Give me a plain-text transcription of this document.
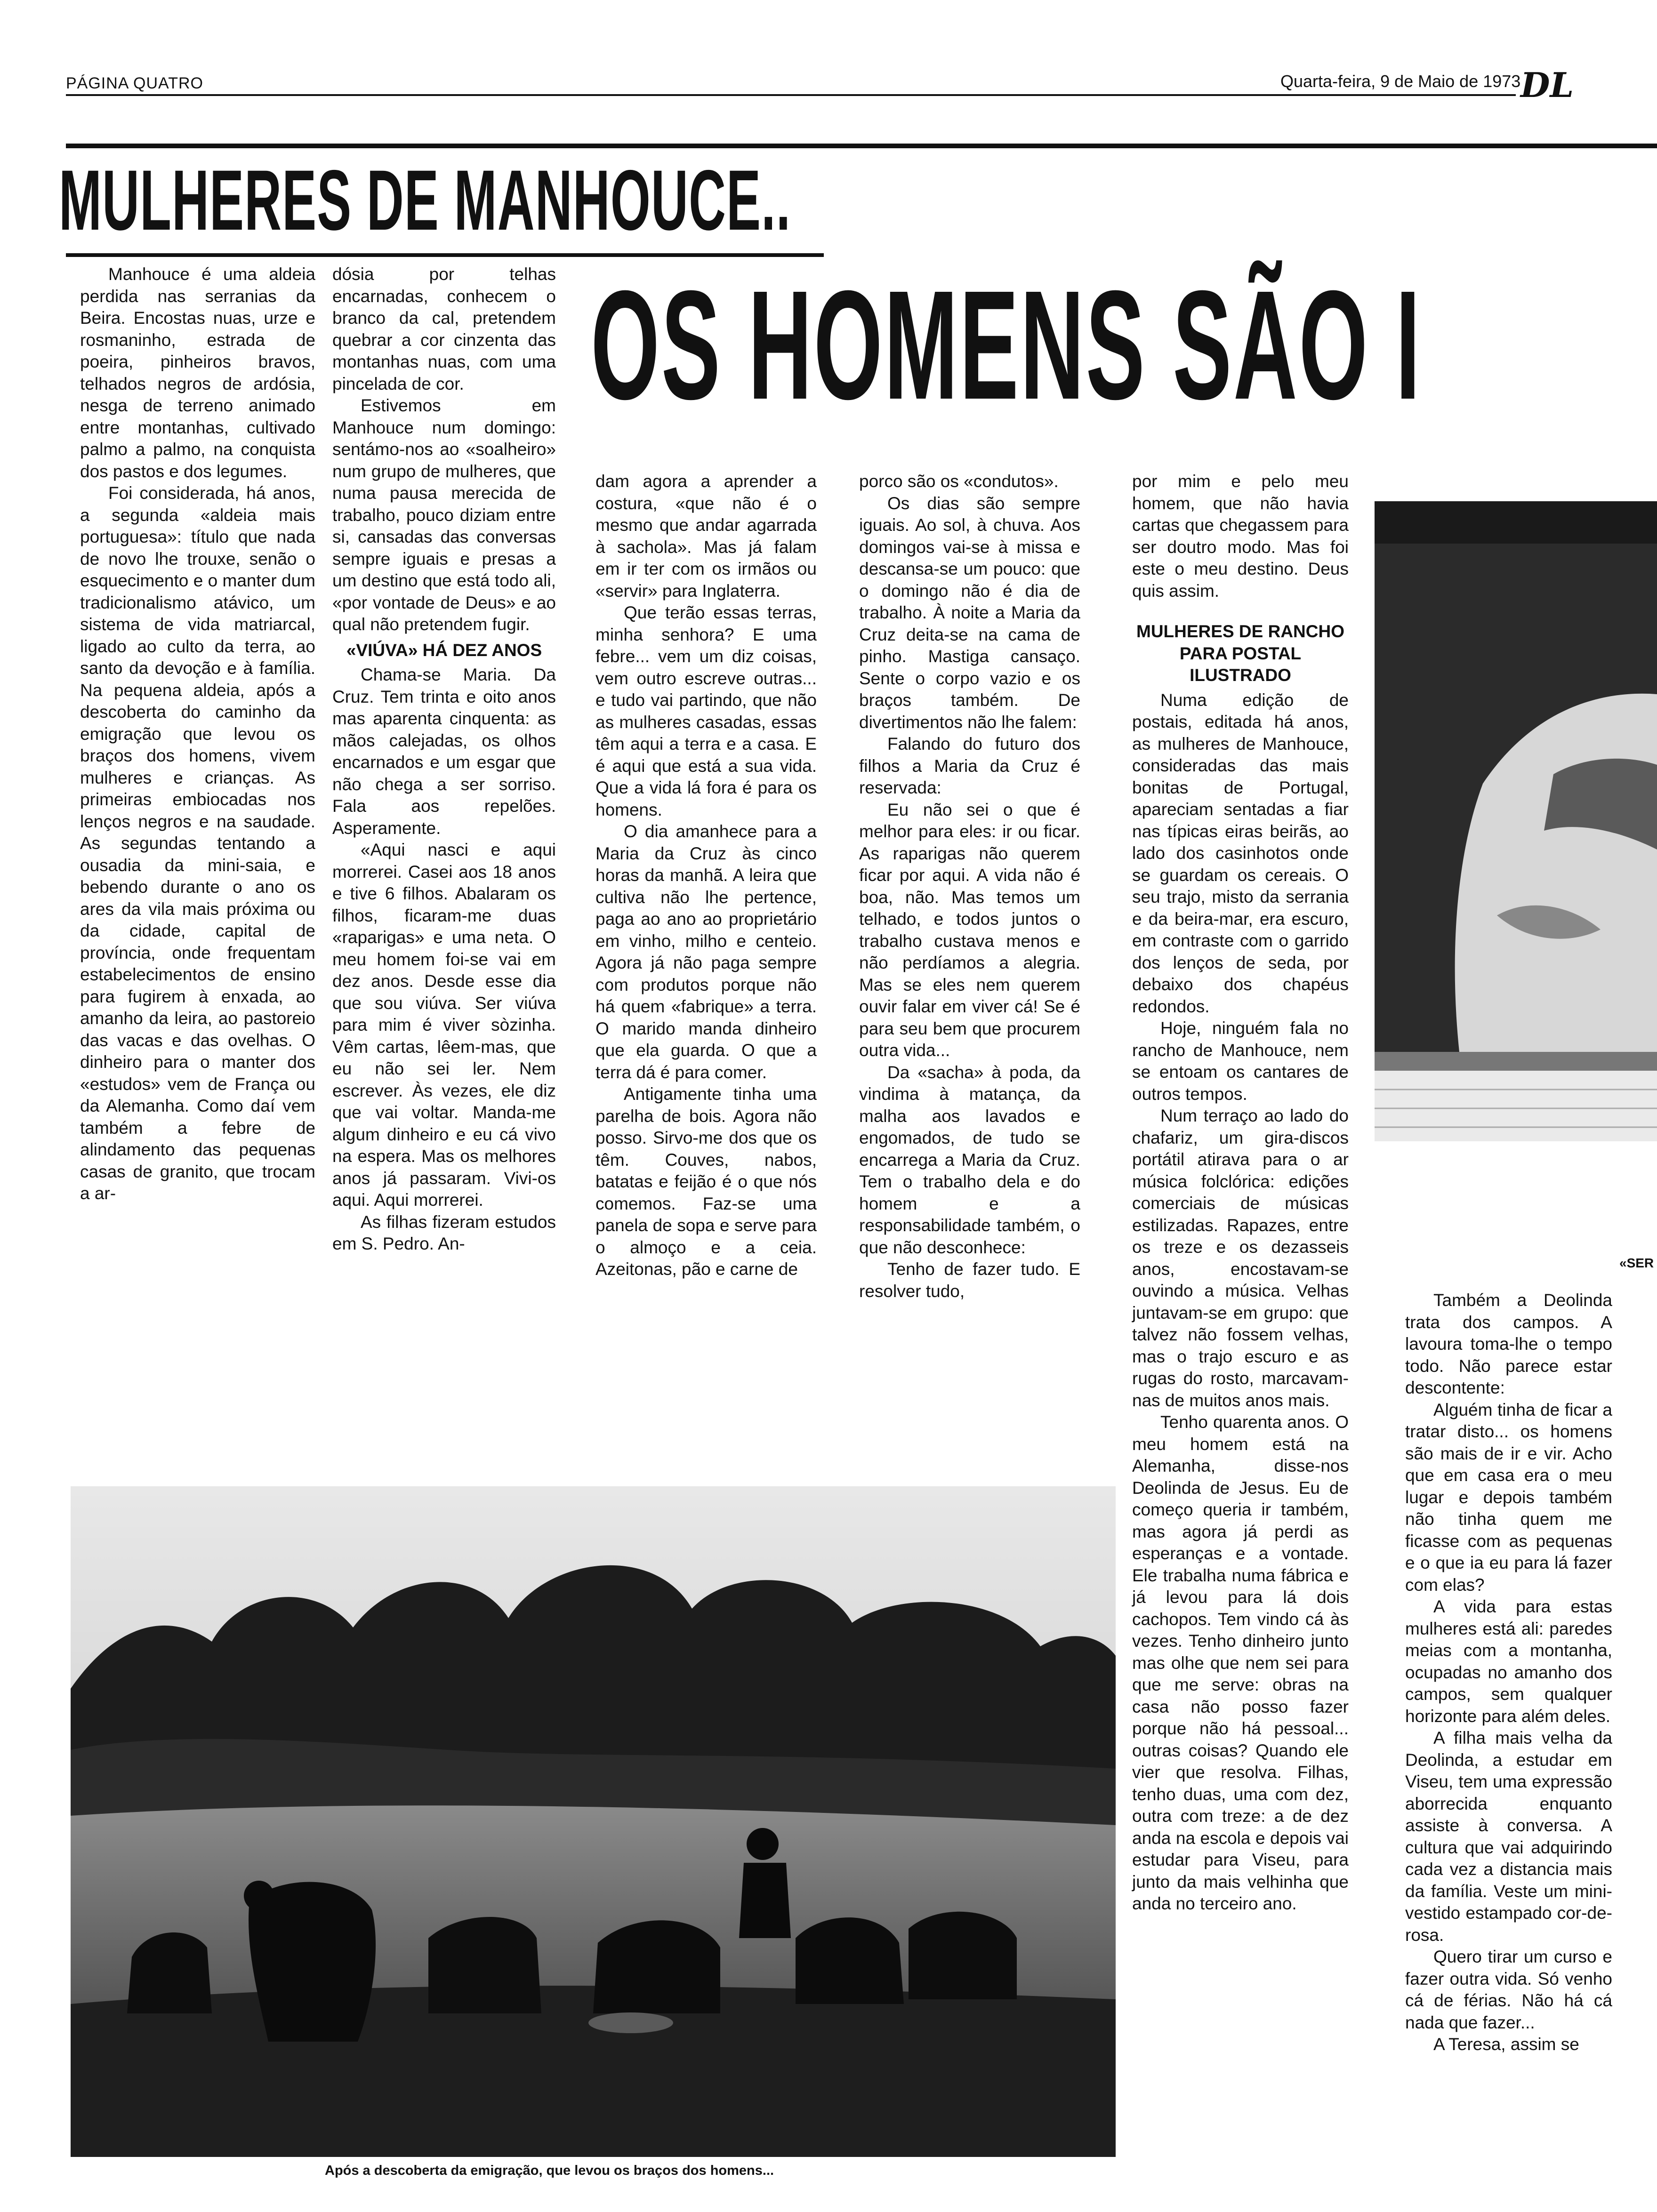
PÁGINA QUATRO	Quarta-feira, 9 de Maio de 1973 DL
MULHERES DE MANHOUCE..
OS HOMENS SÃO I

Manhouce é uma aldeia perdida nas serranias da Beira. Encostas nuas, urze e rosmaninho, estrada de poeira, pinheiros bravos, telhados negros de ardósia, nesga de terreno animado entre montanhas, cultivado palmo a palmo, na conquista dos pastos e dos legumes.

Foi considerada, há anos, a segunda «aldeia mais portuguesa»: título que nada de novo lhe trouxe, senão o esquecimento e o manter dum tradicionalismo atávico, um sistema de vida matriarcal, ligado ao culto da terra, ao santo da devoção e à família. Na pequena aldeia, após a descoberta do caminho da emigração que levou os braços dos homens, vivem mulheres e crianças. As primeiras embiocadas nos lenços negros e na saudade. As segundas tentando a ousadia da mini-saia, e bebendo durante o ano os ares da vila mais próxima ou da cidade, capital de província, onde frequentam estabelecimentos de ensino para fugirem à enxada, ao amanho da leira, ao pastoreio das vacas e das ovelhas. O dinheiro para o manter dos «estudos» vem de França ou da Alemanha. Como daí vem também a febre de alindamento das pequenas casas de granito, que trocam a ar-

dósia por telhas encarnadas, conhecem o branco da cal, pretendem quebrar a cor cinzenta das montanhas nuas, com uma pincelada de cor.

Estivemos em Manhouce num domingo: sentámo-nos ao «soalheiro» num grupo de mulheres, que numa pausa merecida de trabalho, pouco diziam entre si, cansadas das conversas sempre iguais e presas a um destino que está todo ali, «por vontade de Deus» e ao qual não pretendem fugir.

«VIÚVA» HÁ DEZ ANOS

Chama-se Maria. Da Cruz. Tem trinta e oito anos mas aparenta cinquenta: as mãos calejadas, os olhos encarnados e um esgar que não chega a ser sorriso. Fala aos repelões. Asperamente.

«Aqui nasci e aqui morrerei. Casei aos 18 anos e tive 6 filhos. Abalaram os filhos, ficaram-me duas «raparigas» e uma neta. O meu homem foi-se vai em dez anos. Desde esse dia que sou viúva. Ser viúva para mim é viver sòzinha. Vêm cartas, lêem-mas, que eu não sei ler. Nem escrever. Às vezes, ele diz que vai voltar. Manda-me algum dinheiro e eu cá vivo na espera. Mas os melhores anos já passaram. Vivi-os aqui. Aqui morrerei.

As filhas fizeram estudos em S. Pedro. An-

dam agora a aprender a costura, «que não é o mesmo que andar agarrada à sachola». Mas já falam em ir ter com os irmãos ou «servir» para Inglaterra.

Que terão essas terras, minha senhora? E uma febre... vem um diz coisas, vem outro escreve outras... e tudo vai partindo, que não as mulheres casadas, essas têm aqui a terra e a casa. E é aqui que está a sua vida. Que a vida lá fora é para os homens.

O dia amanhece para a Maria da Cruz às cinco horas da manhã. A leira que cultiva não lhe pertence, paga ao ano ao proprietário em vinho, milho e centeio. Agora já não paga sempre com produtos porque não há quem «fabrique» a terra. O marido manda dinheiro que ela guarda. O que a terra dá é para comer.

Antigamente tinha uma parelha de bois. Agora não posso. Sirvo-me dos que os têm. Couves, nabos, batatas e feijão é o que nós comemos. Faz-se uma panela de sopa e serve para o almoço e a ceia. Azeitonas, pão e carne de

porco são os «condutos».

Os dias são sempre iguais. Ao sol, à chuva. Aos domingos vai-se à missa e descansa-se um pouco: que o domingo não é dia de trabalho. À noite a Maria da Cruz deita-se na cama de pinho. Mastiga cansaço. Sente o corpo vazio e os braços também. De divertimentos não lhe falem:

Falando do futuro dos filhos a Maria da Cruz é reservada:

Eu não sei o que é melhor para eles: ir ou ficar. As raparigas não querem ficar por aqui. A vida não é boa, não. Mas temos um telhado, e todos juntos o trabalho custava menos e não perdíamos a alegria. Mas se eles nem querem ouvir falar em viver cá! Se é para seu bem que procurem outra vida...

Da «sacha» à poda, da vindima à matança, da malha aos lavados e engomados, de tudo se encarrega a Maria da Cruz. Tem o trabalho dela e do homem e a responsabilidade também, o que não desconhece:

Tenho de fazer tudo. E resolver tudo,

por mim e pelo meu homem, que não havia cartas que chegassem para ser doutro modo. Mas foi este o meu destino. Deus quis assim.

MULHERES DE RANCHO PARA POSTAL ILUSTRADO

Numa edição de postais, editada há anos, as mulheres de Manhouce, consideradas das mais bonitas de Portugal, apareciam sentadas a fiar nas típicas eiras beirãs, ao lado dos casinhotos onde se guardam os cereais. O seu trajo, misto da serrania e da beira-mar, era escuro, em contraste com o garrido dos lenços de seda, por debaixo dos chapéus redondos.

Hoje, ninguém fala no rancho de Manhouce, nem se entoam os cantares de outros tempos.

Num terraço ao lado do chafariz, um gira-discos portátil atirava para o ar música folclórica: edições comerciais de músicas estilizadas. Rapazes, entre os treze e os dezasseis anos, encostavam-se ouvindo a música. Velhas juntavam-se em grupo: que talvez não fossem velhas, mas o trajo escuro e as rugas do rosto, marcavam-nas de muitos anos mais.

Tenho quarenta anos. O meu homem está na Alemanha, disse-nos Deolinda de Jesus. Eu de começo queria ir também, mas agora já perdi as esperanças e a vontade. Ele trabalha numa fábrica e já levou para lá dois cachopos. Tem vindo cá às vezes. Tenho dinheiro junto mas olhe que nem sei para que me serve: obras na casa não posso fazer porque não há pessoal... outras coisas? Quando ele vier que resolva. Filhas, tenho duas, uma com dez, outra com treze: a de dez anda na escola e depois vai estudar para Viseu, para junto da mais velhinha que anda no terceiro ano.

«SER

Também a Deolinda trata dos campos. A lavoura toma-lhe o tempo todo. Não parece estar descontente:

Alguém tinha de ficar a tratar disto... os homens são mais de ir e vir. Acho que em casa era o meu lugar e depois também não tinha quem me ficasse com as pequenas e o que ia eu para lá fazer com elas?

A vida para estas mulheres está ali: paredes meias com a montanha, ocupadas no amanho dos campos, sem qualquer horizonte para além deles.

A filha mais velha da Deolinda, a estudar em Viseu, tem uma expressão aborrecida enquanto assiste à conversa. A cultura que vai adquirindo cada vez a distancia mais da família. Veste um mini-vestido estampado cor-de-rosa.

Quero tirar um curso e fazer outra vida. Só venho cá de férias. Não há cá nada que fazer...

A Teresa, assim se

Após a descoberta da emigração, que levou os braços dos homens...
